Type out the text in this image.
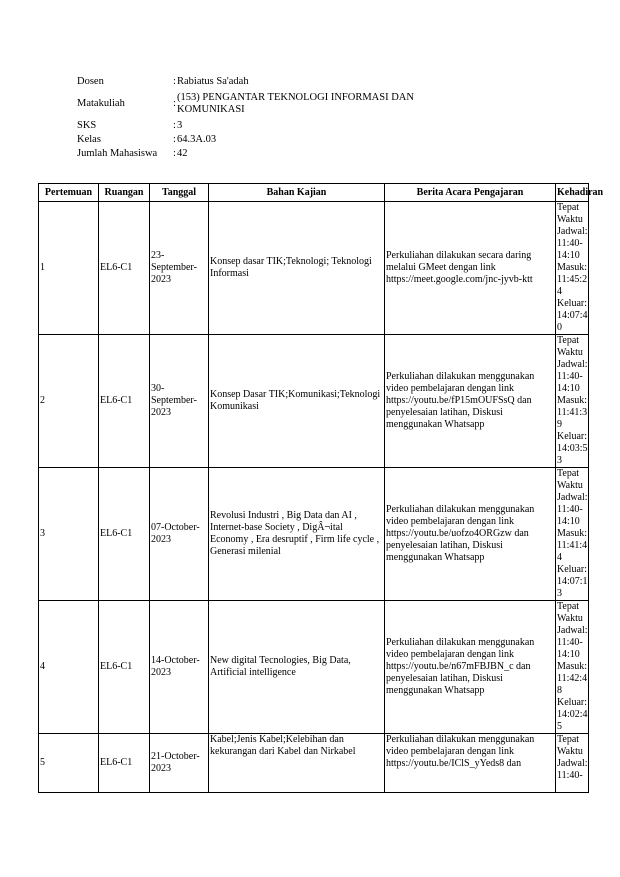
Dosen	:	Rabiatus Sa'adah
Matakuliah	:	(153) PENGANTAR TEKNOLOGI INFORMASI DAN KOMUNIKASI
SKS	:	3
Kelas	:	64.3A.03
Jumlah Mahasiswa	:	42
Pertemuan	Ruangan	Tanggal	Bahan Kajian	Berita Acara Pengajaran	Kehadiran
1	EL6-C1	23-September-2023	Konsep dasar TIK;Teknologi; Teknologi Informasi	Perkuliahan dilakukan secara daring melalui GMeet dengan link https://meet.google.com/jnc-jyvb-ktt	Tepat Waktu Jadwal: 11:40-14:10 Masuk: 11:45:24 Keluar: 14:07:40
2	EL6-C1	30-September-2023	Konsep Dasar TIK;Komunikasi;Teknologi Komunikasi	Perkuliahan dilakukan menggunakan video pembelajaran dengan link https://youtu.be/fP15mOUFSsQ dan penyelesaian latihan, Diskusi menggunakan Whatsapp	Tepat Waktu Jadwal: 11:40-14:10 Masuk: 11:41:39 Keluar: 14:03:53
3	EL6-C1	07-October-2023	Revolusi Industri , Big Data dan AI , Internet-base Society , DigÂ¬ital Economy , Era desruptif , Firm life cycle , Generasi milenial	Perkuliahan dilakukan menggunakan video pembelajaran dengan link https://youtu.be/uofzo4ORGzw dan penyelesaian latihan, Diskusi menggunakan Whatsapp	Tepat Waktu Jadwal: 11:40-14:10 Masuk: 11:41:44 Keluar: 14:07:13
4	EL6-C1	14-October-2023	New digital Tecnologies, Big Data, Artificial intelligence	Perkuliahan dilakukan menggunakan video pembelajaran dengan link https://youtu.be/n67mFBJBN_c dan penyelesaian latihan, Diskusi menggunakan Whatsapp	Tepat Waktu Jadwal: 11:40-14:10 Masuk: 11:42:48 Keluar: 14:02:45
5	EL6-C1	21-October-2023	Kabel;Jenis Kabel;Kelebihan dan kekurangan dari Kabel dan Nirkabel	Perkuliahan dilakukan menggunakan video pembelajaran dengan link https://youtu.be/IClS_yYeds8 dan	Tepat Waktu Jadwal: 11:40-
